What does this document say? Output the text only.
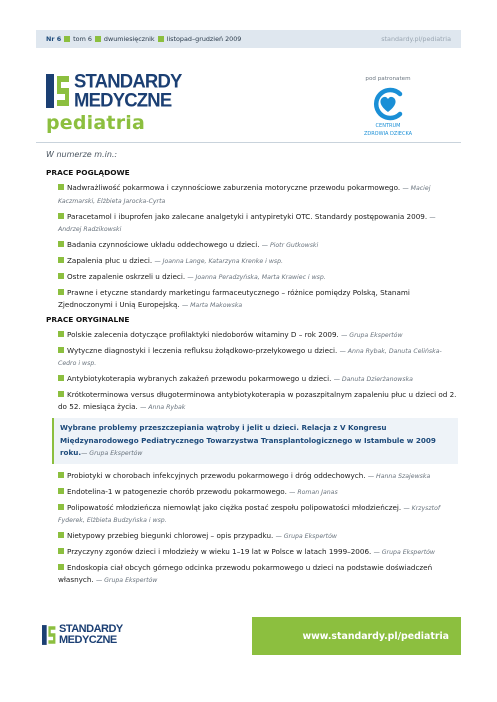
Nr 6 tom 6 dwumiesięcznik listopad–grudzień 2009	standardy.pl/pediatria
STANDARDY
MEDYCZNE
pediatria
pod patronatem
CENTRUM
ZDROWIA DZIECKA
W numerze m.in.:
PRACE POGLĄDOWE
Nadwrażliwość pokarmowa i czynnościowe zaburzenia motoryczne przewodu pokarmowego. — Maciej Kaczmarski, Elżbieta Jarocka-Cyrta
Paracetamol i ibuprofen jako zalecane analgetyki i antypiretyki OTC. Standardy postępowania 2009. — Andrzej Radzikowski
Badania czynnościowe układu oddechowego u dzieci. — Piotr Gutkowski
Zapalenia płuc u dzieci. — Joanna Lange, Katarzyna Krenke i wsp.
Ostre zapalenie oskrzeli u dzieci. — Joanna Peradzyńska, Marta Krawiec i wsp.
Prawne i etyczne standardy marketingu farmaceutycznego – różnice pomiędzy Polską, Stanami Zjednoczonymi i Unią Europejską. — Marta Makowska
PRACE ORYGINALNE
Polskie zalecenia dotyczące profilaktyki niedoborów witaminy D – rok 2009. — Grupa Ekspertów
Wytyczne diagnostyki i leczenia refluksu żołądkowo-przełykowego u dzieci. — Anna Rybak, Danuta Celińska-Cedro i wsp.
Antybiotykoterapia wybranych zakażeń przewodu pokarmowego u dzieci. — Danuta Dzierżanowska
Krótkoterminowa versus długoterminowa antybiotykoterapia w pozaszpitalnym zapaleniu płuc u dzieci od 2. do 52. miesiąca życia. — Anna Rybak
Wybrane problemy przeszczepiania wątroby i jelit u dzieci. Relacja z V Kongresu Międzynarodowego Pediatrycznego Towarzystwa Transplantologicznego w Istambule w 2009 roku.— Grupa Ekspertów
Probiotyki w chorobach infekcyjnych przewodu pokarmowego i dróg oddechowych. — Hanna Szajewska
Endotelina-1 w patogenezie chorób przewodu pokarmowego. — Roman Janas
Polipowatość młodzieńcza niemowląt jako ciężka postać zespołu polipowatości młodzieńczej. — Krzysztof Fyderek, Elżbieta Budzyńska i wsp.
Nietypowy przebieg biegunki chlorowej – opis przypadku. — Grupa Ekspertów
Przyczyny zgonów dzieci i młodzieży w wieku 1–19 lat w Polsce w latach 1999–2006. — Grupa Ekspertów
Endoskopia ciał obcych górnego odcinka przewodu pokarmowego u dzieci na podstawie doświadczeń własnych. — Grupa Ekspertów
STANDARDY
MEDYCZNE	www.standardy.pl/pediatria
